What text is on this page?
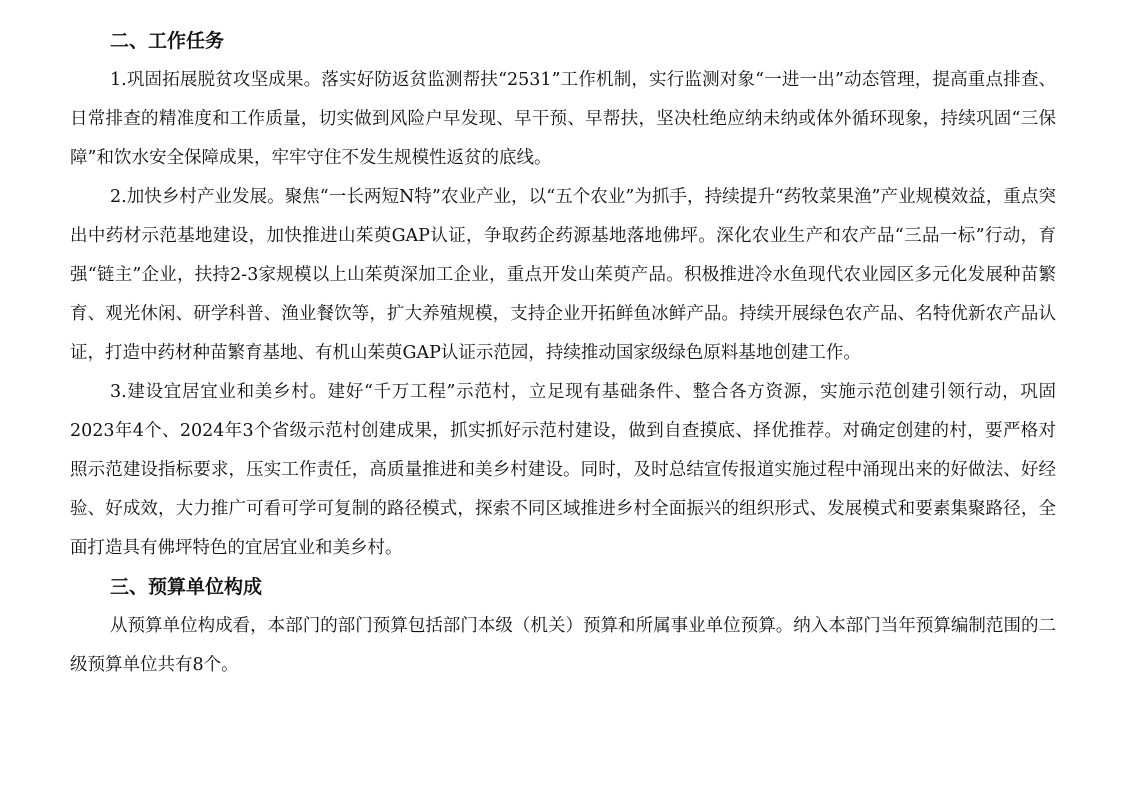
二、工作任务

1.巩固拓展脱贫攻坚成果。落实好防返贫监测帮扶“2531”工作机制，实行监测对象“一进一出”动态管理，提高重点排查、日常排查的精准度和工作质量，切实做到风险户早发现、早干预、早帮扶，坚决杜绝应纳未纳或体外循环现象，持续巩固“三保障”和饮水安全保障成果，牢牢守住不发生规模性返贫的底线。

2.加快乡村产业发展。聚焦“一长两短N特”农业产业，以“五个农业”为抓手，持续提升“药牧菜果渔”产业规模效益，重点突出中药材示范基地建设，加快推进山茱萸GAP认证，争取药企药源基地落地佛坪。深化农业生产和农产品“三品一标”行动，育强“链主”企业，扶持2-3家规模以上山茱萸深加工企业，重点开发山茱萸产品。积极推进冷水鱼现代农业园区多元化发展种苗繁育、观光休闲、研学科普、渔业餐饮等，扩大养殖规模，支持企业开拓鲜鱼冰鲜产品。持续开展绿色农产品、名特优新农产品认证，打造中药材种苗繁育基地、有机山茱萸GAP认证示范园，持续推动国家级绿色原料基地创建工作。

3.建设宜居宜业和美乡村。建好“千万工程”示范村，立足现有基础条件、整合各方资源，实施示范创建引领行动，巩固2023年4个、2024年3个省级示范村创建成果，抓实抓好示范村建设，做到自查摸底、择优推荐。对确定创建的村，要严格对照示范建设指标要求，压实工作责任，高质量推进和美乡村建设。同时，及时总结宣传报道实施过程中涌现出来的好做法、好经验、好成效，大力推广可看可学可复制的路径模式，探索不同区域推进乡村全面振兴的组织形式、发展模式和要素集聚路径，全面打造具有佛坪特色的宜居宜业和美乡村。

三、预算单位构成

从预算单位构成看，本部门的部门预算包括部门本级（机关）预算和所属事业单位预算。纳入本部门当年预算编制范围的二级预算单位共有8个。
